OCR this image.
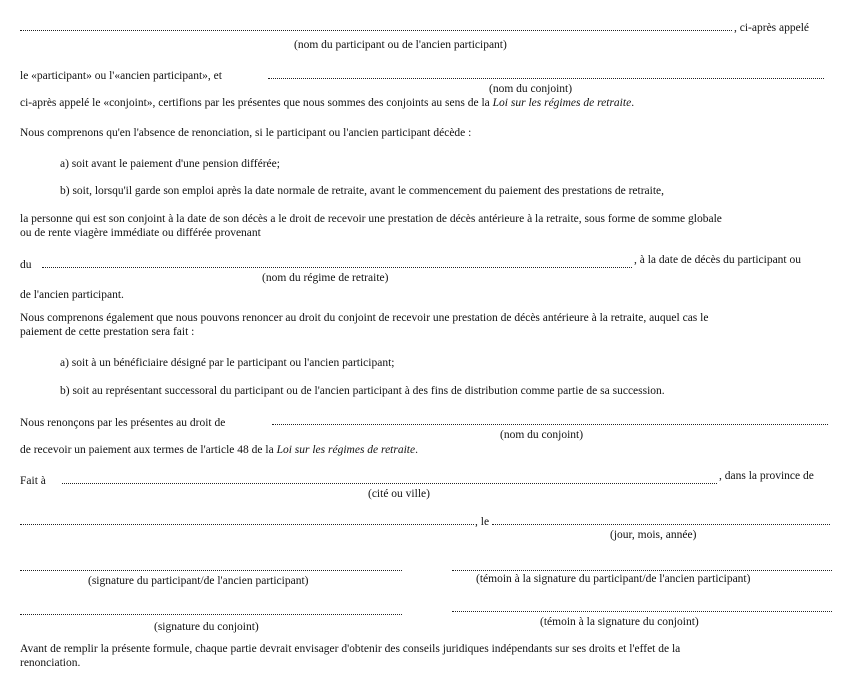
, ci-après appelé
(nom du participant ou de l'ancien participant)
le «participant» ou l'«ancien participant», et
(nom du conjoint)
ci-après appelé le «conjoint», certifions par les présentes que nous sommes des conjoints au sens de la Loi sur les régimes de retraite.
Nous comprenons qu'en l'absence de renonciation, si le participant ou l'ancien participant décède :
a) soit avant le paiement d'une pension différée;
b) soit, lorsqu'il garde son emploi après la date normale de retraite, avant le commencement du paiement des prestations de retraite,
la personne qui est son conjoint à la date de son décès a le droit de recevoir une prestation de décès antérieure à la retraite, sous forme de somme globale
ou de rente viagère immédiate ou différée provenant
du	, à la date de décès du participant ou
(nom du régime de retraite)
de l'ancien participant.
Nous comprenons également que nous pouvons renoncer au droit du conjoint de recevoir une prestation de décès antérieure à la retraite, auquel cas le
paiement de cette prestation sera fait :
a) soit à un bénéficiaire désigné par le participant ou l'ancien participant;
b) soit au représentant successoral du participant ou de l'ancien participant à des fins de distribution comme partie de sa succession.
Nous renonçons par les présentes au droit de
(nom du conjoint)
de recevoir un paiement aux termes de l'article 48 de la Loi sur les régimes de retraite.
Fait à	, dans la province de
(cité ou ville)
, le
(jour, mois, année)
(signature du participant/de l'ancien participant)	(témoin à la signature du participant/de l'ancien participant)
(signature du conjoint)	(témoin à la signature du conjoint)
Avant de remplir la présente formule, chaque partie devrait envisager d'obtenir des conseils juridiques indépendants sur ses droits et l'effet de la
renonciation.
